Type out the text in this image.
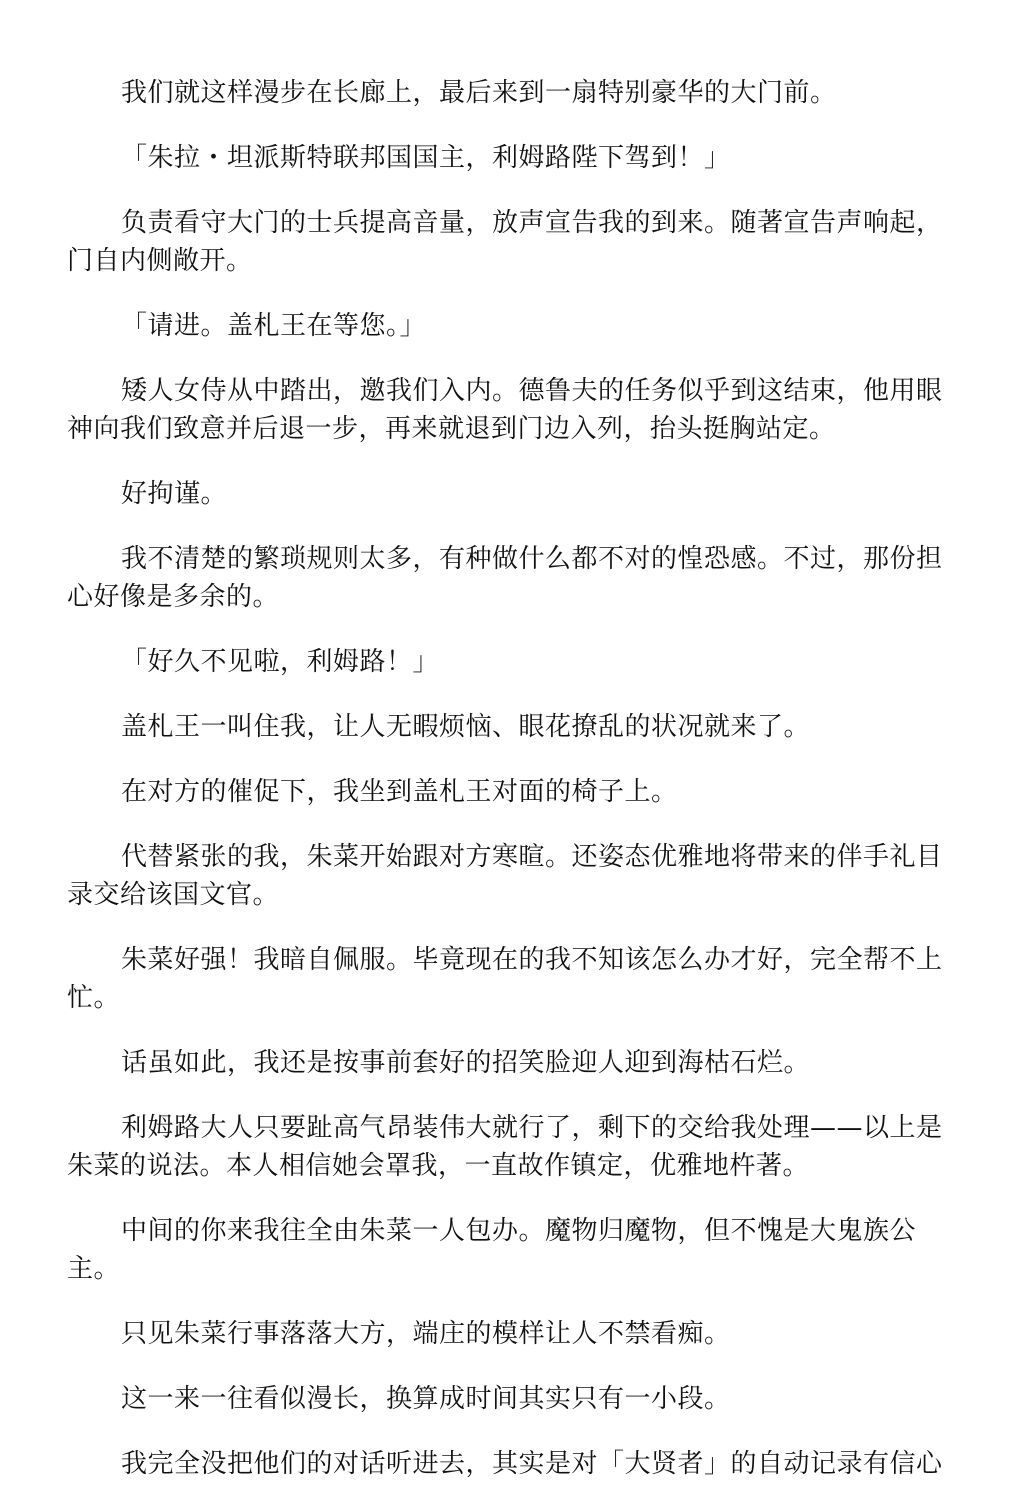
我们就这样漫步在长廊上，最后来到一扇特别豪华的大门前。

「朱拉・坦派斯特联邦国国主，利姆路陛下驾到！」

负责看守大门的士兵提高音量，放声宣告我的到来。随著宣告声响起，门自内侧敞开。

「请进。盖札王在等您。」

矮人女侍从中踏出，邀我们入内。德鲁夫的任务似乎到这结束，他用眼神向我们致意并后退一步，再来就退到门边入列，抬头挺胸站定。

好拘谨。

我不清楚的繁琐规则太多，有种做什么都不对的惶恐感。不过，那份担心好像是多余的。

「好久不见啦，利姆路！」

盖札王一叫住我，让人无暇烦恼、眼花撩乱的状况就来了。

在对方的催促下，我坐到盖札王对面的椅子上。

代替紧张的我，朱菜开始跟对方寒暄。还姿态优雅地将带来的伴手礼目录交给该国文官。

朱菜好强！我暗自佩服。毕竟现在的我不知该怎么办才好，完全帮不上忙。

话虽如此，我还是按事前套好的招笑脸迎人迎到海枯石烂。

利姆路大人只要趾高气昂装伟大就行了，剩下的交给我处理——以上是朱菜的说法。本人相信她会罩我，一直故作镇定，优雅地杵著。

中间的你来我往全由朱菜一人包办。魔物归魔物，但不愧是大鬼族公主。

只见朱菜行事落落大方，端庄的模样让人不禁看痴。

这一来一往看似漫长，换算成时间其实只有一小段。

我完全没把他们的对话听进去，其实是对「大贤者」的自动记录有信心
